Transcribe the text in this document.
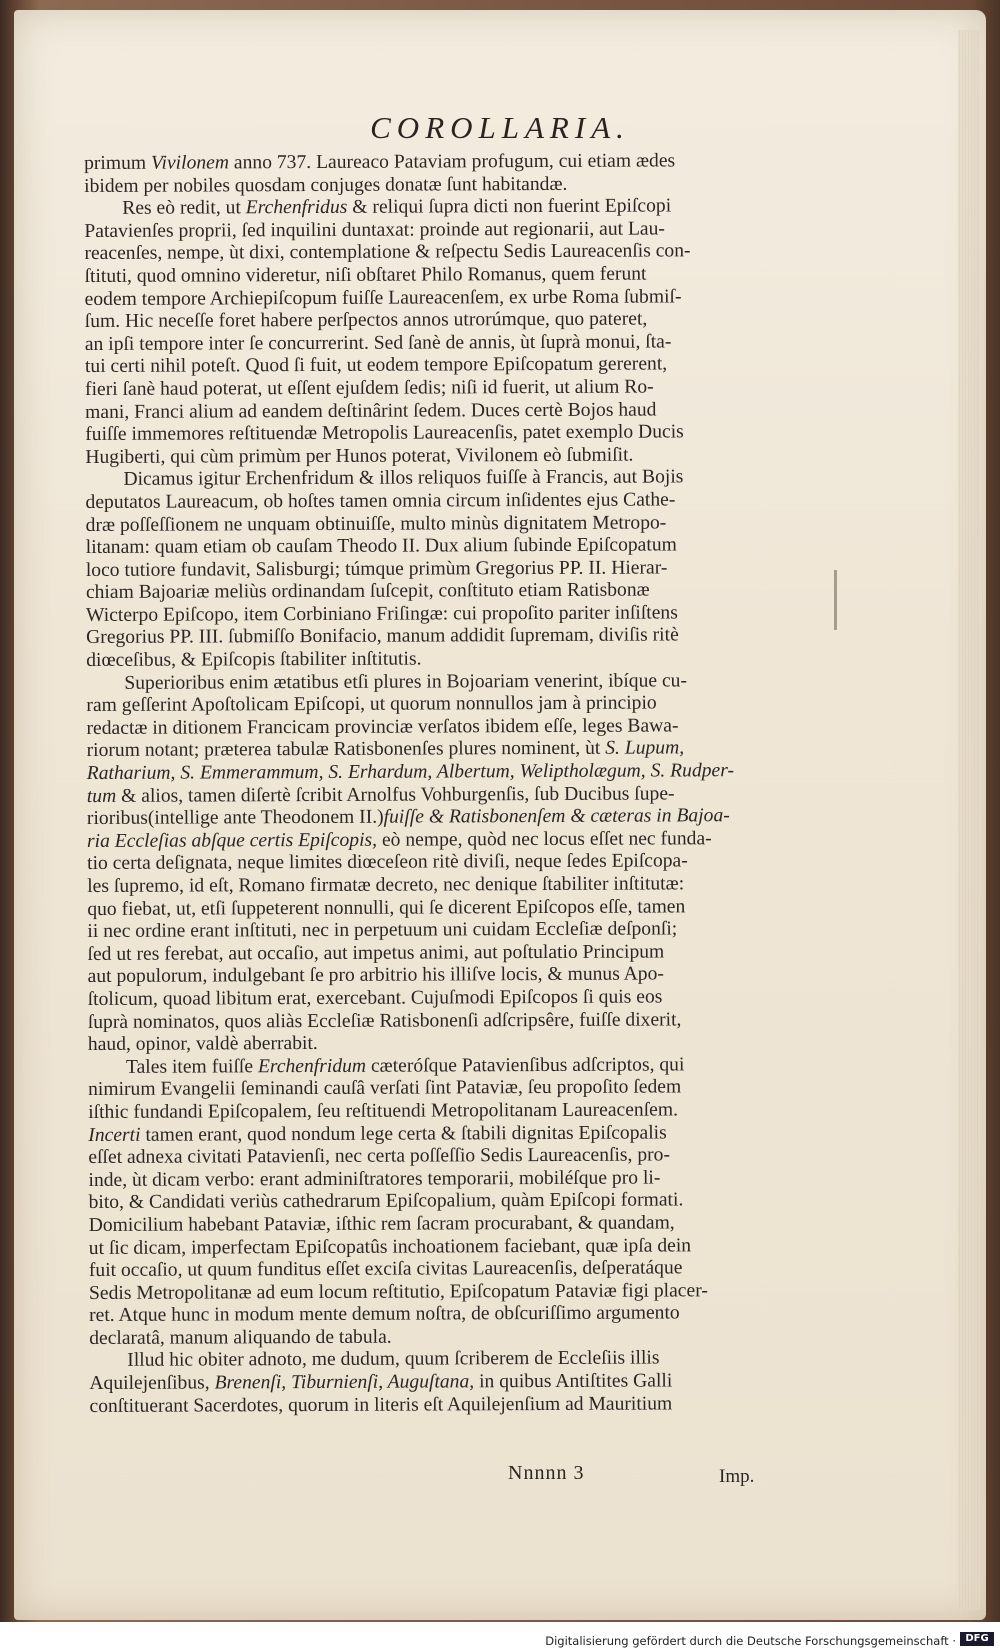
COROLLARIA.
primum Vivilonem anno 737. Laureaco Pataviam profugum, cui etiam ædes
ibidem per nobiles quosdam conjuges donatæ ſunt habitandæ.
Res eò redit, ut Erchenfridus & reliqui ſupra dicti non fuerint Epiſcopi
Patavienſes proprii, ſed inquilini duntaxat: proinde aut regionarii, aut Lau-
reacenſes, nempe, ùt dixi, contemplatione & reſpectu Sedis Laureacenſis con-
ſtituti, quod omnino videretur, niſi obſtaret Philo Romanus, quem ferunt
eodem tempore Archiepiſcopum fuiſſe Laureacenſem, ex urbe Roma ſubmiſ-
ſum. Hic neceſſe foret habere perſpectos annos utrorúmque, quo pateret,
an ipſi tempore inter ſe concurrerint. Sed ſanè de annis, ùt ſuprà monui, ſta-
tui certi nihil poteſt. Quod ſi fuit, ut eodem tempore Epiſcopatum gererent,
fieri ſanè haud poterat, ut eſſent ejuſdem ſedis; niſi id fuerit, ut alium Ro-
mani, Franci alium ad eandem deſtinârint ſedem. Duces certè Bojos haud
fuiſſe immemores reſtituendæ Metropolis Laureacenſis, patet exemplo Ducis
Hugiberti, qui cùm primùm per Hunos poterat, Vivilonem eò ſubmiſit.
Dicamus igitur Erchenfridum & illos reliquos fuiſſe à Francis, aut Bojis
deputatos Laureacum, ob hoſtes tamen omnia circum inſidentes ejus Cathe-
dræ poſſeſſionem ne unquam obtinuiſſe, multo minùs dignitatem Metropo-
litanam: quam etiam ob cauſam Theodo II. Dux alium ſubinde Epiſcopatum
loco tutiore fundavit, Salisburgi; túmque primùm Gregorius PP. II. Hierar-
chiam Bajoariæ meliùs ordinandam ſuſcepit, conſtituto etiam Ratisbonæ
Wicterpo Epiſcopo, item Corbiniano Friſingæ: cui propoſito pariter inſiſtens
Gregorius PP. III. ſubmiſſo Bonifacio, manum addidit ſupremam, diviſis ritè
diœceſibus, & Epiſcopis ſtabiliter inſtitutis.
Superioribus enim ætatibus etſi plures in Bojoariam venerint, ibíque cu-
ram geſſerint Apoſtolicam Epiſcopi, ut quorum nonnullos jam à principio
redactæ in ditionem Francicam provinciæ verſatos ibidem eſſe, leges Bawa-
riorum notant; præterea tabulæ Ratisbonenſes plures nominent, ùt S. Lupum,
Ratharium, S. Emmerammum, S. Erhardum, Albertum, Weliptholægum, S. Rudper-
tum & alios, tamen diſertè ſcribit Arnolfus Vohburgenſis, ſub Ducibus ſupe-
rioribus(intellige ante Theodonem II.)fuiſſe & Ratisbonenſem & cæteras in Bajoa-
ria Eccleſias abſque certis Epiſcopis, eò nempe, quòd nec locus eſſet nec funda-
tio certa deſignata, neque limites diœceſeon ritè diviſi, neque ſedes Epiſcopa-
les ſupremo, id eſt, Romano firmatæ decreto, nec denique ſtabiliter inſtitutæ:
quo fiebat, ut, etſi ſuppeterent nonnulli, qui ſe dicerent Epiſcopos eſſe, tamen
ii nec ordine erant inſtituti, nec in perpetuum uni cuidam Eccleſiæ deſponſi;
ſed ut res ferebat, aut occaſio, aut impetus animi, aut poſtulatio Principum
aut populorum, indulgebant ſe pro arbitrio his illiſve locis, & munus Apo-
ſtolicum, quoad libitum erat, exercebant. Cujuſmodi Epiſcopos ſi quis eos
ſuprà nominatos, quos aliàs Eccleſiæ Ratisbonenſi adſcripsêre, fuiſſe dixerit,
haud, opinor, valdè aberrabit.
Tales item fuiſſe Erchenfridum cæteróſque Patavienſibus adſcriptos, qui
nimirum Evangelii ſeminandi cauſâ verſati ſint Pataviæ, ſeu propoſito ſedem
iſthic fundandi Epiſcopalem, ſeu reſtituendi Metropolitanam Laureacenſem.
Incerti tamen erant, quod nondum lege certa & ſtabili dignitas Epiſcopalis
eſſet adnexa civitati Patavienſi, nec certa poſſeſſio Sedis Laureacenſis, pro-
inde, ùt dicam verbo: erant adminiſtratores temporarii, mobiléſque pro li-
bito, & Candidati veriùs cathedrarum Epiſcopalium, quàm Epiſcopi formati.
Domicilium habebant Pataviæ, iſthic rem ſacram procurabant, & quandam,
ut ſic dicam, imperfectam Epiſcopatûs inchoationem faciebant, quæ ipſa dein
fuit occaſio, ut quum funditus eſſet exciſa civitas Laureacenſis, deſperatáque
Sedis Metropolitanæ ad eum locum reſtitutio, Epiſcopatum Pataviæ figi placer-
ret. Atque hunc in modum mente demum noſtra, de obſcuriſſimo argumento
declaratâ, manum aliquando de tabula.
Illud hic obiter adnoto, me dudum, quum ſcriberem de Eccleſiis illis
Aquilejenſibus, Brenenſi, Tiburnienſi, Auguſtana, in quibus Antiſtites Galli
conſtituerant Sacerdotes, quorum in literis eſt Aquilejenſium ad Mauritium
Nnnnn 3	Imp.
Digitalisierung gefördert durch die Deutsche Forschungsgemeinschaft · DFG
